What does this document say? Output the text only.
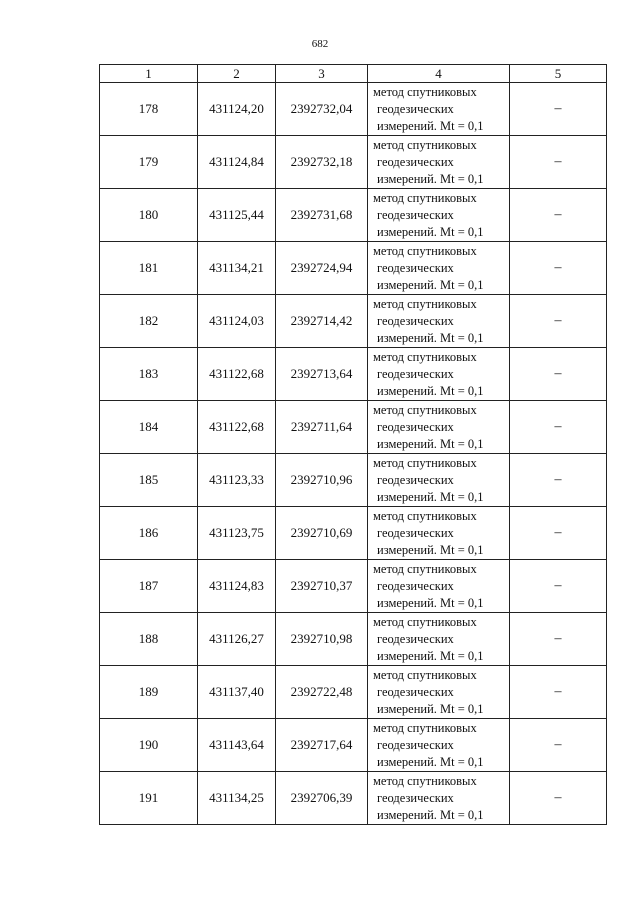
682
1	2	3	4	5
178	431124,20	2392732,04	метод спутниковых
геодезических
измерений. Mt = 0,1	–
179	431124,84	2392732,18	метод спутниковых
геодезических
измерений. Mt = 0,1	–
180	431125,44	2392731,68	метод спутниковых
геодезических
измерений. Mt = 0,1	–
181	431134,21	2392724,94	метод спутниковых
геодезических
измерений. Mt = 0,1	–
182	431124,03	2392714,42	метод спутниковых
геодезических
измерений. Mt = 0,1	–
183	431122,68	2392713,64	метод спутниковых
геодезических
измерений. Mt = 0,1	–
184	431122,68	2392711,64	метод спутниковых
геодезических
измерений. Mt = 0,1	–
185	431123,33	2392710,96	метод спутниковых
геодезических
измерений. Mt = 0,1	–
186	431123,75	2392710,69	метод спутниковых
геодезических
измерений. Mt = 0,1	–
187	431124,83	2392710,37	метод спутниковых
геодезических
измерений. Mt = 0,1	–
188	431126,27	2392710,98	метод спутниковых
геодезических
измерений. Mt = 0,1	–
189	431137,40	2392722,48	метод спутниковых
геодезических
измерений. Mt = 0,1	–
190	431143,64	2392717,64	метод спутниковых
геодезических
измерений. Mt = 0,1	–
191	431134,25	2392706,39	метод спутниковых
геодезических
измерений. Mt = 0,1	–
